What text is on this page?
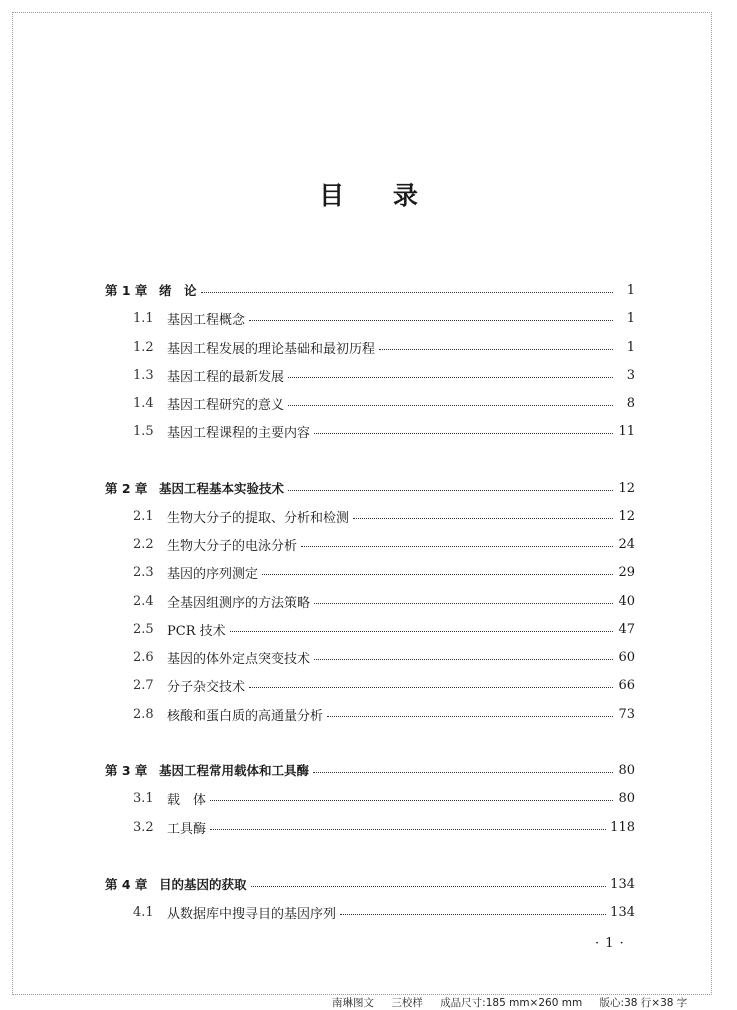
目 录
第 1 章 绪　论	1
1.1	基因工程概念	1
1.2	基因工程发展的理论基础和最初历程	1
1.3	基因工程的最新发展	3
1.4	基因工程研究的意义	8
1.5	基因工程课程的主要内容	11
第 2 章 基因工程基本实验技术	12
2.1	生物大分子的提取、分析和检测	12
2.2	生物大分子的电泳分析	24
2.3	基因的序列测定	29
2.4	全基因组测序的方法策略	40
2.5	PCR 技术	47
2.6	基因的体外定点突变技术	60
2.7	分子杂交技术	66
2.8	核酸和蛋白质的高通量分析	73
第 3 章 基因工程常用载体和工具酶	80
3.1	载　体	80
3.2	工具酶	118
第 4 章 目的基因的获取	134
4.1	从数据库中搜寻目的基因序列	134
· 1 ·
南琳图文 三校样 成品尺寸:185 mm×260 mm 版心:38 行×38 字
